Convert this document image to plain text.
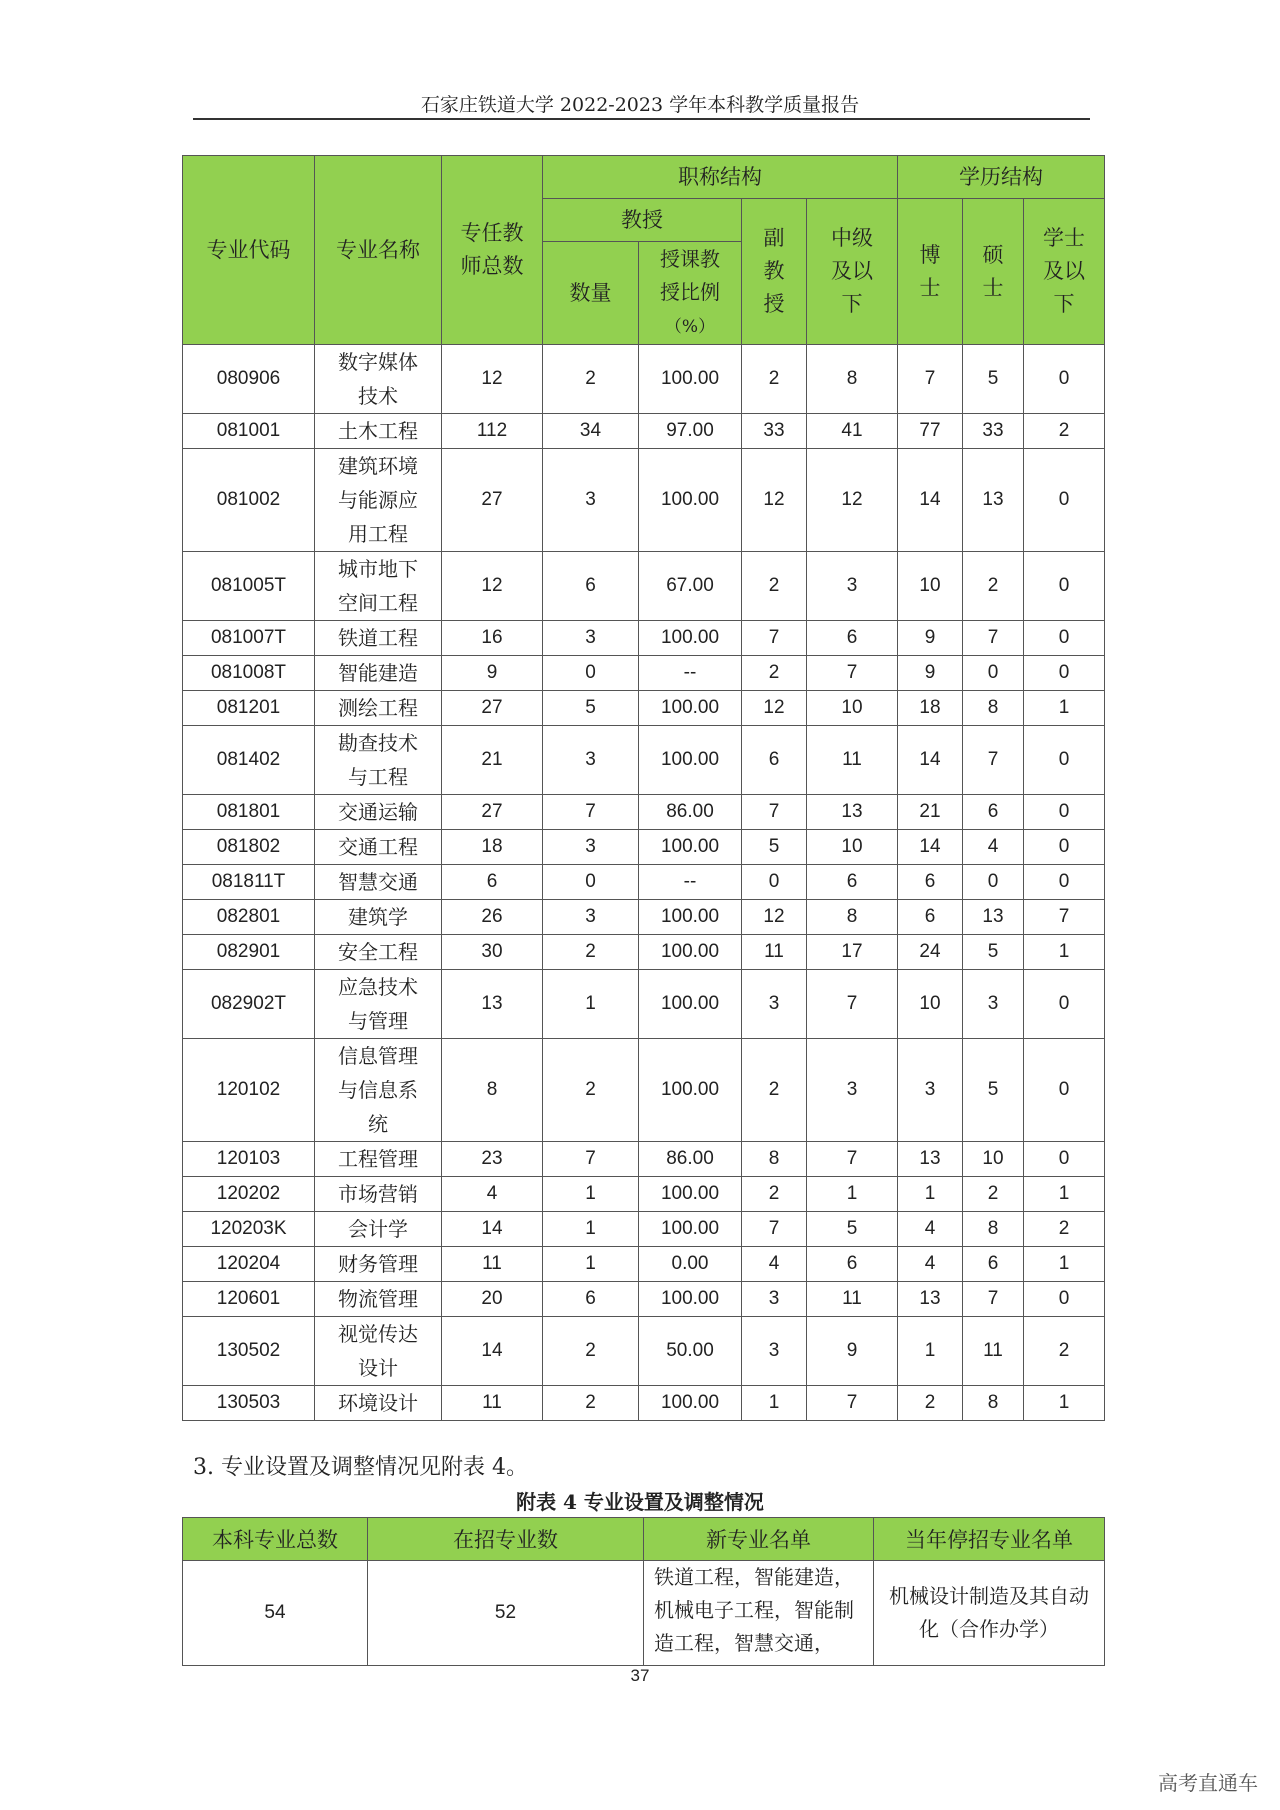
石家庄铁道大学 2022-2023 学年本科教学质量报告
专业代码	专业名称	专任教师总数	职称结构				学历结构		
			教授		副教授	中级及以下	博士	硕士	学士及以下
			数量	授课教授比例
（%）					
080906	数字媒体技术	12	2	100.00	2	8	7	5	0
081001	土木工程	112	34	97.00	33	41	77	33	2
081002	建筑环境与能源应用工程	27	3	100.00	12	12	14	13	0
081005T	城市地下空间工程	12	6	67.00	2	3	10	2	0
081007T	铁道工程	16	3	100.00	7	6	9	7	0
081008T	智能建造	9	0	--	2	7	9	0	0
081201	测绘工程	27	5	100.00	12	10	18	8	1
081402	勘查技术与工程	21	3	100.00	6	11	14	7	0
081801	交通运输	27	7	86.00	7	13	21	6	0
081802	交通工程	18	3	100.00	5	10	14	4	0
081811T	智慧交通	6	0	--	0	6	6	0	0
082801	建筑学	26	3	100.00	12	8	6	13	7
082901	安全工程	30	2	100.00	11	17	24	5	1
082902T	应急技术与管理	13	1	100.00	3	7	10	3	0
120102	信息管理与信息系统	8	2	100.00	2	3	3	5	0
120103	工程管理	23	7	86.00	8	7	13	10	0
120202	市场营销	4	1	100.00	2	1	1	2	1
120203K	会计学	14	1	100.00	7	5	4	8	2
120204	财务管理	11	1	0.00	4	6	4	6	1
120601	物流管理	20	6	100.00	3	11	13	7	0
130502	视觉传达设计	14	2	50.00	3	9	1	11	2
130503	环境设计	11	2	100.00	1	7	2	8	1
3. 专业设置及调整情况见附表 4。
附表 4 专业设置及调整情况
本科专业总数	在招专业数	新专业名单	当年停招专业名单
54	52	铁道工程，智能建造，机械电子工程，智能制造工程，智慧交通，	机械设计制造及其自动化（合作办学）
37
高考直通车
